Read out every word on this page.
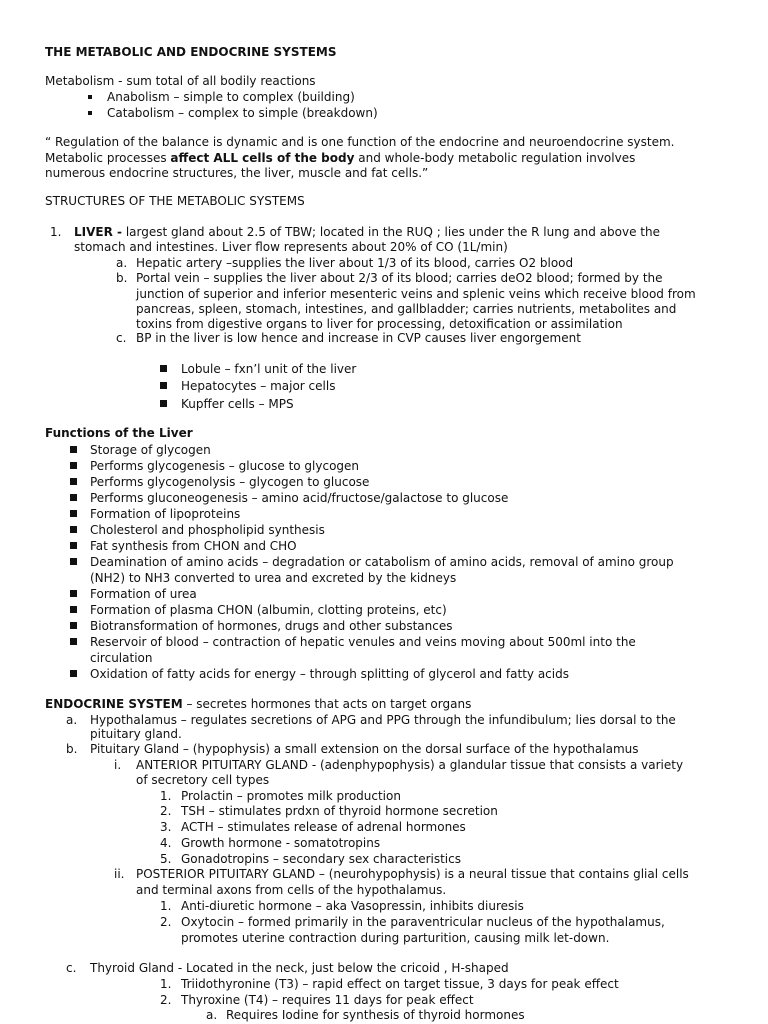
THE METABOLIC AND ENDOCRINE SYSTEMS
Metabolism - sum total of all bodily reactions
Anabolism – simple to complex (building)
Catabolism – complex to simple (breakdown)
“ Regulation of the balance is dynamic and is one function of the endocrine and neuroendocrine system.
Metabolic processes affect ALL cells of the body and whole-body metabolic regulation involves
numerous endocrine structures, the liver, muscle and fat cells.”
STRUCTURES OF THE METABOLIC SYSTEMS
1. LIVER - largest gland about 2.5 of TBW; located in the RUQ ; lies under the R lung and above the
stomach and intestines. Liver flow represents about 20% of CO (1L/min)
a. Hepatic artery –supplies the liver about 1/3 of its blood, carries O2 blood
b. Portal vein – supplies the liver about 2/3 of its blood; carries deO2 blood; formed by the
junction of superior and inferior mesenteric veins and splenic veins which receive blood from
pancreas, spleen, stomach, intestines, and gallbladder; carries nutrients, metabolites and
toxins from digestive organs to liver for processing, detoxification or assimilation
c. BP in the liver is low hence and increase in CVP causes liver engorgement
Lobule – fxn’l unit of the liver
Hepatocytes – major cells
Kupffer cells – MPS
Functions of the Liver
ENDOCRINE SYSTEM – secretes hormones that acts on target organs
a. Hypothalamus – regulates secretions of APG and PPG through the infundibulum; lies dorsal to the
pituitary gland.
b. Pituitary Gland – (hypophysis) a small extension on the dorsal surface of the hypothalamus
i. ANTERIOR PITUITARY GLAND - (adenphypophysis) a glandular tissue that consists a variety
of secretory cell types
1. Prolactin – promotes milk production
2. TSH – stimulates prdxn of thyroid hormone secretion
3. ACTH – stimulates release of adrenal hormones
4. Growth hormone - somatotropins
5. Gonadotropins – secondary sex characteristics
ii. POSTERIOR PITUITARY GLAND – (neurohypophysis) is a neural tissue that contains glial cells
and terminal axons from cells of the hypothalamus.
1. Anti-diuretic hormone – aka Vasopressin, inhibits diuresis
2. Oxytocin – formed primarily in the paraventricular nucleus of the hypothalamus,
promotes uterine contraction during parturition, causing milk let-down.
c. Thyroid Gland - Located in the neck, just below the cricoid , H-shaped
1. Triidothyronine (T3) – rapid effect on target tissue, 3 days for peak effect
2. Thyroxine (T4) – requires 11 days for peak effect
a. Requires Iodine for synthesis of thyroid hormones
Storage of glycogen
Performs glycogenesis – glucose to glycogen
Performs glycogenolysis – glycogen to glucose
Performs gluconeogenesis – amino acid/fructose/galactose to glucose
Formation of lipoproteins
Cholesterol and phospholipid synthesis
Fat synthesis from CHON and CHO
Deamination of amino acids – degradation or catabolism of amino acids, removal of amino group
(NH2) to NH3 converted to urea and excreted by the kidneys
Formation of urea
Formation of plasma CHON (albumin, clotting proteins, etc)
Biotransformation of hormones, drugs and other substances
Reservoir of blood – contraction of hepatic venules and veins moving about 500ml into the
circulation
Oxidation of fatty acids for energy – through splitting of glycerol and fatty acids
